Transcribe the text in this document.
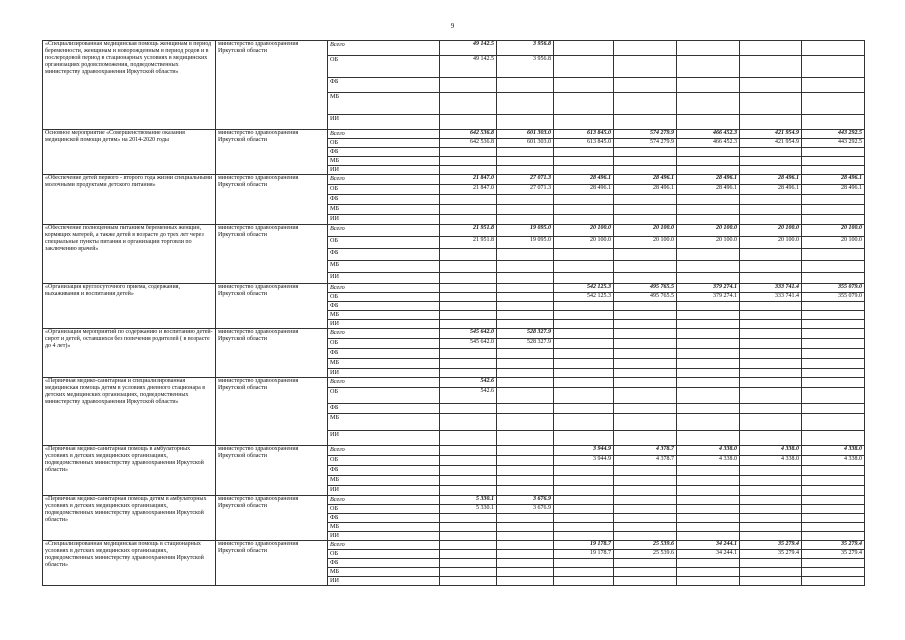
9
«Специализированная медицинская помощь женщинам в период беременности, женщинам и новорожденным в период родов и в послеродовой период в стационарных условиях в медицинских организациях родовспоможения, подведомственных министерству здравоохранения Иркутской области»	министерство здравоохранения Иркутской области	Всего	49 142.5	3 956.8					
		ОБ	49 142.5	3 956.8					
		ФБ							
		МБ							
		ИИ							
Основное мероприятие «Совершенствование оказания медицинской помощи детям» на 2014-2020 годы	министерство здравоохранения Иркутской области	Всего	642 536.8	601 303.0	613 845.0	574 279.9	466 452.3	421 954.9	443 292.5
		ОБ	642 536.8	601 303.0	613 845.0	574 279.9	466 452.3	421 954.9	443 292.5
		ФБ							
		МБ							
		ИИ							
«Обеспечение детей первого - второго года жизни специальными молочными продуктами детского питания»	министерство здравоохранения Иркутской области	Всего	21 847.0	27 071.3	28 496.1	28 496.1	28 496.1	28 496.1	28 496.1
		ОБ	21 847.0	27 071.3	28 496.1	28 496.1	28 496.1	28 496.1	28 496.1
		ФБ							
		МБ							
		ИИ							
«Обеспечение полноценным питанием беременных женщин, кормящих матерей, а также детей в возрасте до трех лет через специальные пункты питания и организации торговли по заключению врачей»	министерство здравоохранения Иркутской области	Всего	21 951.8	19 095.0	20 100.0	20 100.0	20 100.0	20 100.0	20 100.0
		ОБ	21 951.8	19 095.0	20 100.0	20 100.0	20 100.0	20 100.0	20 100.0
		ФБ							
		МБ							
		ИИ							
«Организация круглосуточного приема, содержания, выхаживания и воспитания детей»	министерство здравоохранения Иркутской области	Всего			542 125.3	495 765.5	379 274.1	333 741.4	355 079.0
		ОБ			542 125.3	495 765.5	379 274.1	333 741.4	355 079.0
		ФБ							
		МБ							
		ИИ							
«Организация мероприятий по содержанию и воспитанию детей-сирот и детей, оставшихся без попечения родителей ( в возрасте до 4 лет)»	министерство здравоохранения Иркутской области	Всего	545 642.0	528 327.9					
		ОБ	545 642.0	528 327.9					
		ФБ							
		МБ							
		ИИ							
«Первичная медико-санитарная и специализированная медицинская помощь детям в условиях дневного стационара в детских медицинских организациях, подведомственных министерству здравоохранения Иркутской области»	министерство здравоохранения Иркутской области	Всего	542.6						
		ОБ	542.6						
		ФБ							
		МБ							
		ИИ							
«Первичная медико-санитарная помощь в амбулаторных условиях в детских медицинских организациях, подведомственных министерству здравоохранения Иркутской области»	министерство здравоохранения Иркутской области	Всего			3 944.9	4 378.7	4 338.0	4 338.0	4 338.0
		ОБ			3 944.9	4 378.7	4 338.0	4 338.0	4 338.0
		ФБ							
		МБ							
		ИИ							
«Первичная медико-санитарная помощь детям в амбулаторных условиях в детских медицинских организациях, подведомственных министерству здравоохранения Иркутской области»	министерство здравоохранения Иркутской области	Всего	5 330.1	3 676.9					
		ОБ	5 330.1	3 676.9					
		ФБ							
		МБ							
		ИИ							
«Специализированная медицинская помощь в стационарных условиях в детских медицинских организациях, подведомственных министерству здравоохранения Иркутской области»	министерство здравоохранения Иркутской области	Всего			19 178.7	25 539.6	34 244.1	35 279.4	35 279.4
		ОБ			19 178.7	25 539.6	34 244.1	35 279.4	35 279.4
		ФБ							
		МБ							
		ИИ							
